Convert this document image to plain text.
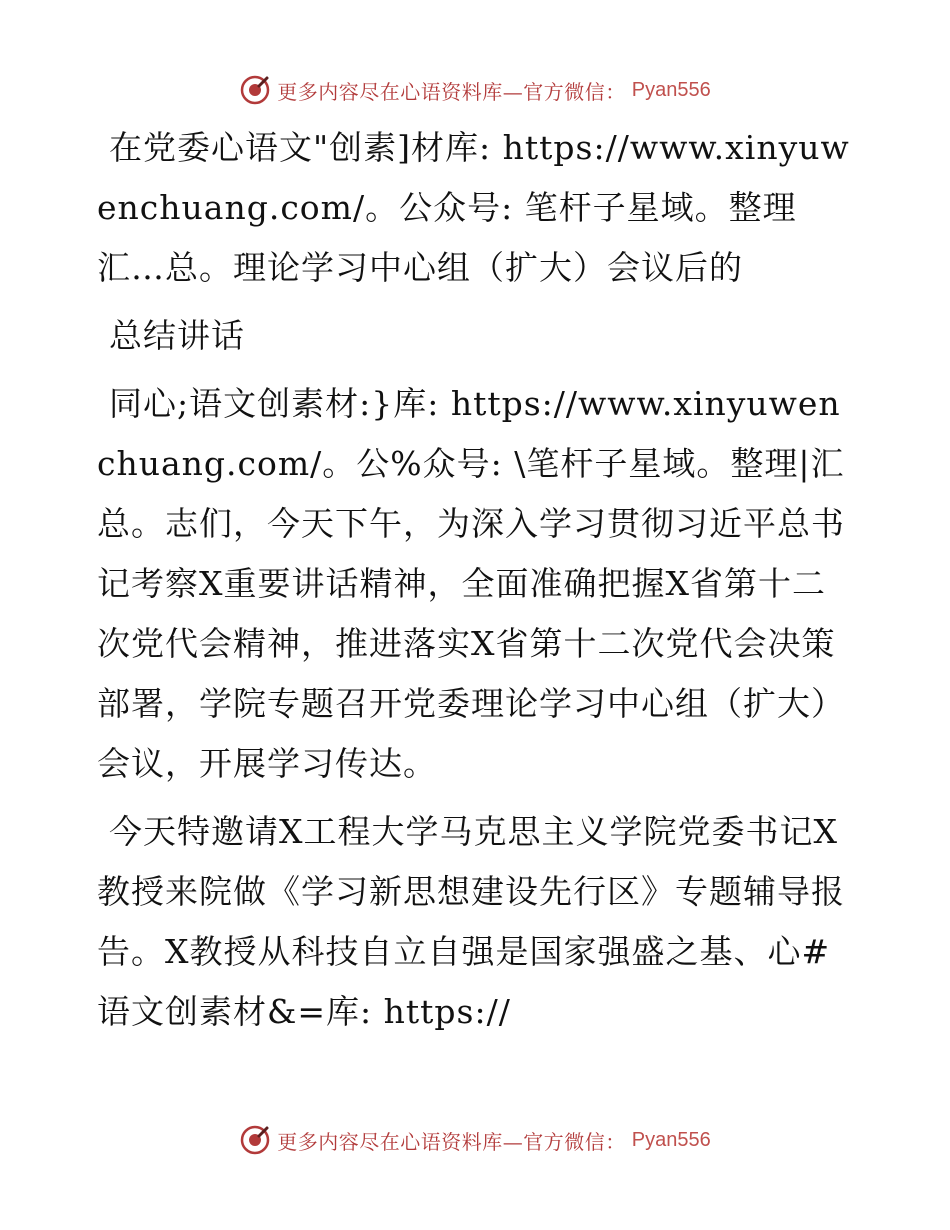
更多内容尽在心语资料库—官方微信： Pyan556

在党委心语文"创素]材库: https://www.xinyuwenchuang.com/。公众号: 笔杆子星域。整理汇…总。理论学习中心组（扩大）会议后的

总结讲话

同心;语文创素材:}库: https://www.xinyuwenchuang.com/。公%众号: \笔杆子星域。整理|汇总。志们，今天下午，为深入学习贯彻习近平总书记考察X重要讲话精神，全面准确把握X省第十二次党代会精神，推进落实X省第十二次党代会决策部署，学院专题召开党委理论学习中心组（扩大）会议，开展学习传达。

今天特邀请X工程大学马克思主义学院党委书记X教授来院做《学习新思想建设先行区》专题辅导报告。X教授从科技自立自强是国家强盛之基、心#语文创素材&=库: https://

更多内容尽在心语资料库—官方微信： Pyan556
